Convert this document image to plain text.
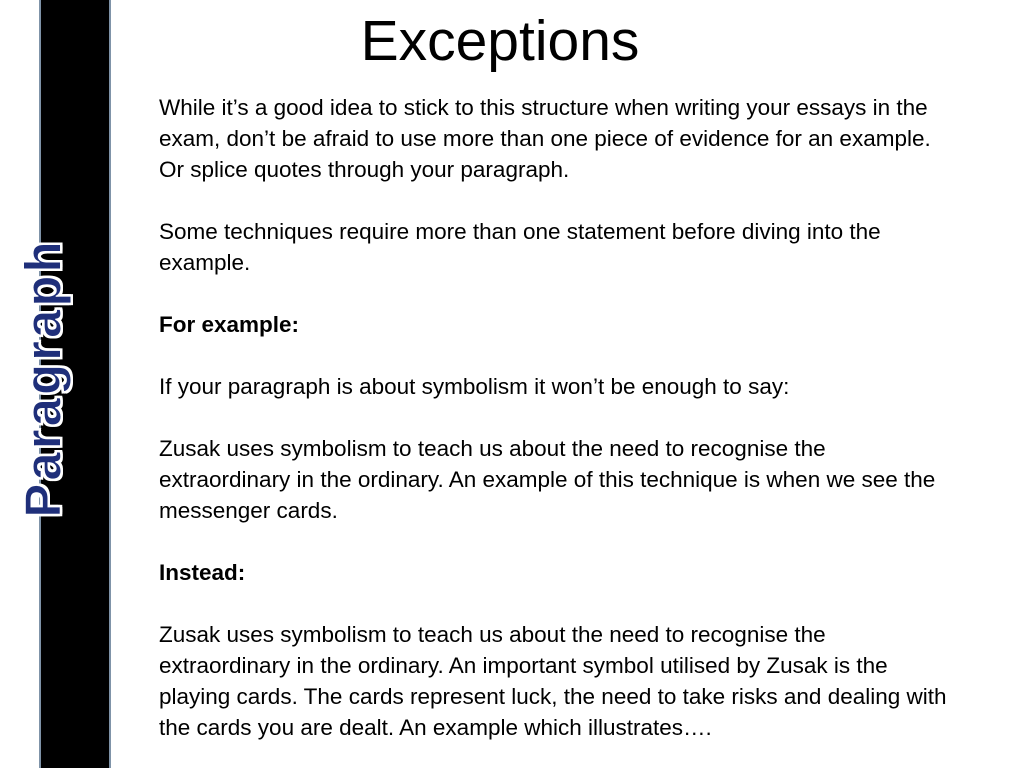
Paragraph
Exceptions

While it’s a good idea to stick to this structure when writing your essays in the exam, don’t be afraid to use more than one piece of evidence for an example. Or splice quotes through your paragraph.

Some techniques require more than one statement before diving into the example.

For example:

If your paragraph is about symbolism it won’t be enough to say:

Zusak uses symbolism to teach us about the need to recognise the extraordinary in the ordinary. An example of this technique is when we see the messenger cards.

Instead:

Zusak uses symbolism to teach us about the need to recognise the extraordinary in the ordinary. An important symbol utilised by Zusak is the playing cards. The cards represent luck, the need to take risks and dealing with the cards you are dealt. An example which illustrates….
